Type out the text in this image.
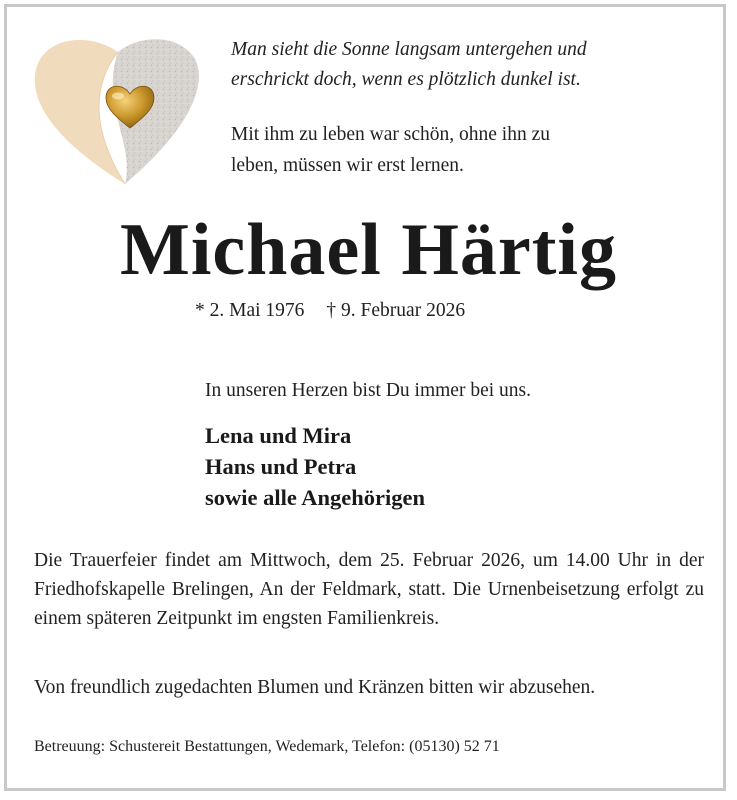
Man sieht die Sonne langsam untergehen und
erschrickt doch, wenn es plötzlich dunkel ist.
Mit ihm zu leben war schön, ohne ihn zu
leben, müssen wir erst lernen.
Michael Härtig
* 2. Mai 1976 † 9. Februar 2026
In unseren Herzen bist Du immer bei uns.
Lena und Mira
Hans und Petra
sowie alle Angehörigen
Die Trauerfeier findet am Mittwoch, dem 25. Februar 2026, um 14.00 Uhr in der Friedhofskapelle Brelingen, An der Feldmark, statt. Die Urnenbeisetzung erfolgt zu einem späteren Zeitpunkt im engsten Familienkreis.
Von freundlich zugedachten Blumen und Kränzen bitten wir abzusehen.
Betreuung: Schustereit Bestattungen, Wedemark, Telefon: (05130) 52 71
